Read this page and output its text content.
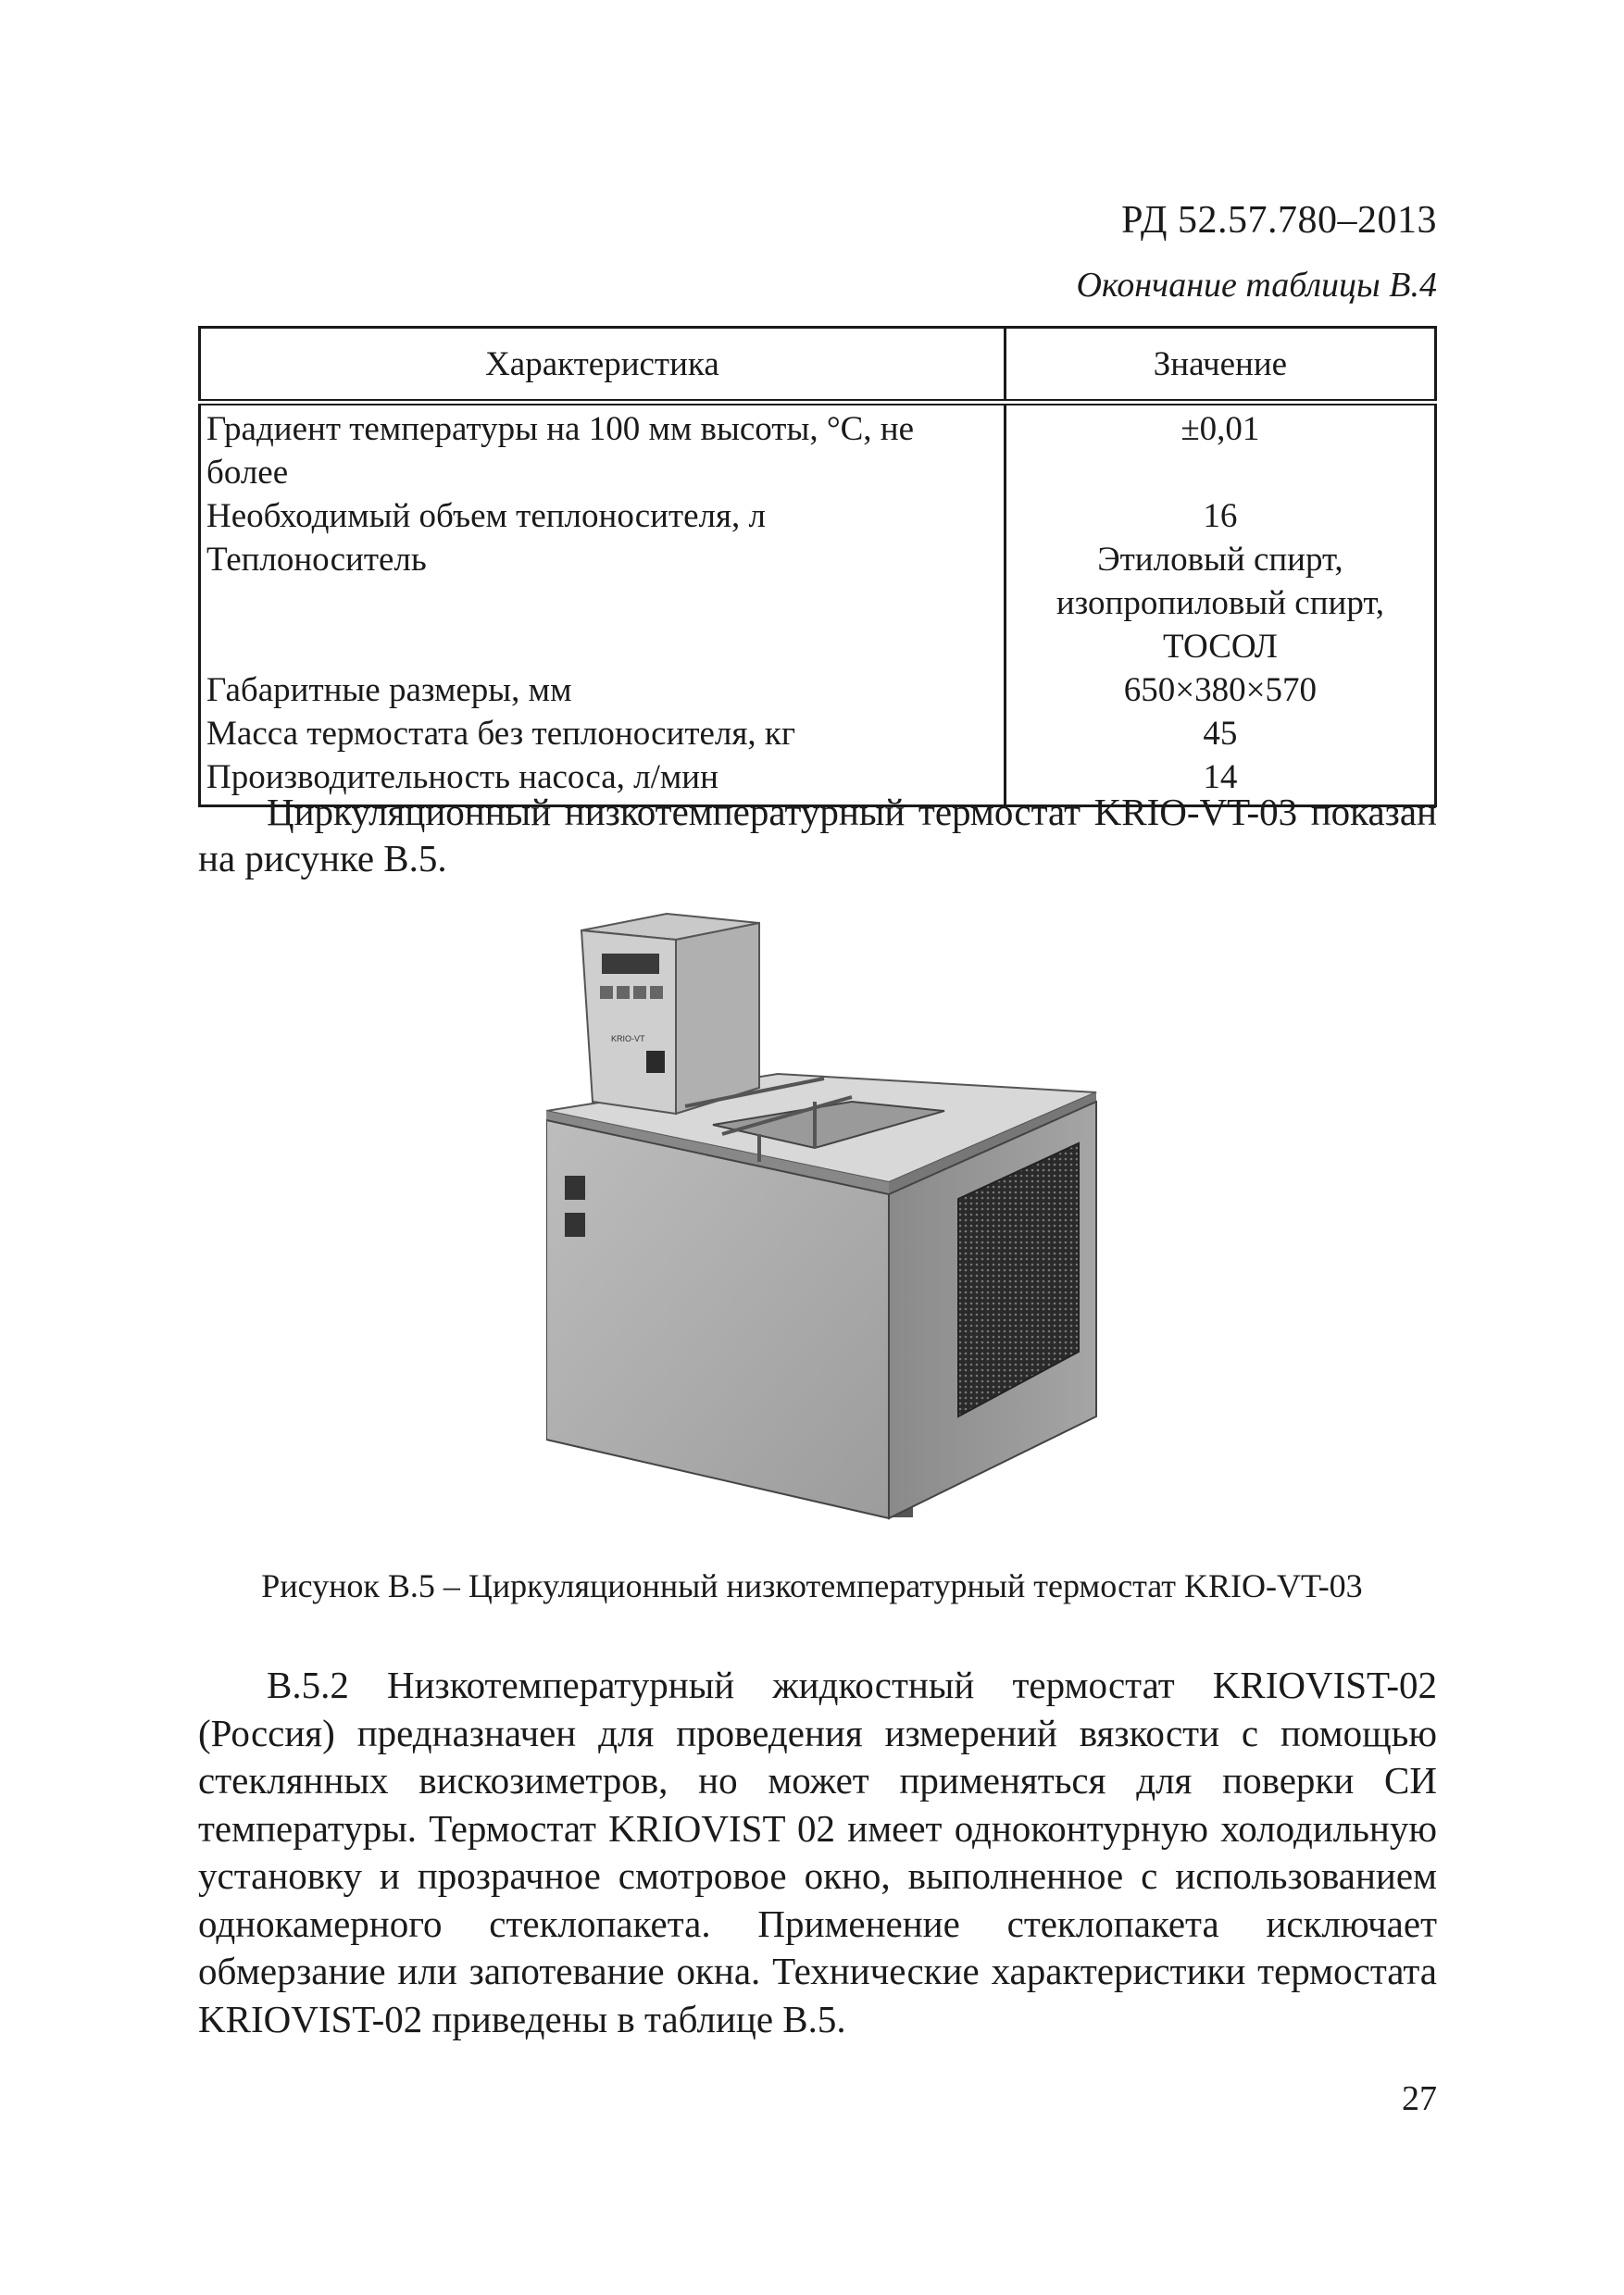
РД 52.57.780–2013
Окончание таблицы В.4
Характеристика	Значение
Градиент температуры на 100 мм высоты, °С, не более	±0,01
Необходимый объем теплоносителя, л	16
Теплоноситель	Этиловый спирт,
изопропиловый спирт,
ТОСОЛ

Габаритные размеры, мм	650×380×570
Масса термостата без теплоносителя, кг	45
Производительность насоса, л/мин	14

Циркуляционный низкотемпературный термостат KRIO-VT-03 показан на рисунке В.5.

KRIO-VT
Рисунок В.5 – Циркуляционный низкотемпературный термостат KRIO-VT-03

В.5.2 Низкотемпературный жидкостный термостат KRIOVIST-02 (Россия) предназначен для проведения измерений вязкости с помощью стеклянных вискозиметров, но может применяться для поверки СИ температуры. Термостат KRIOVIST 02 имеет одноконтурную холодильную установку и прозрачное смотровое окно, выполненное с использованием однокамерного стеклопакета. Применение стеклопакета исключает обмерзание или запотевание окна. Технические характеристики термостата KRIOVIST-02 приведены в таблице В.5.

27
